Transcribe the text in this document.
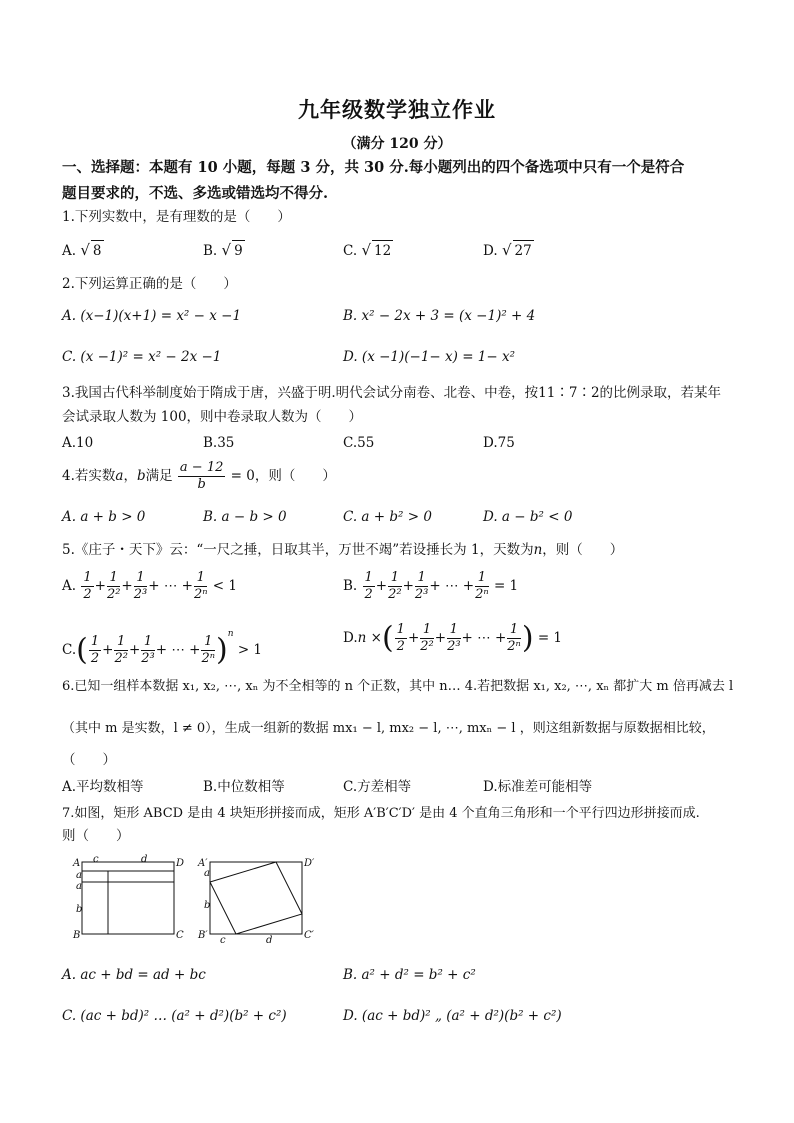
九年级数学独立作业
（满分 120 分）
一、选择题：本题有 10 小题，每题 3 分，共 30 分.每小题列出的四个备选项中只有一个是符合
题目要求的，不选、多选或错选均不得分.
1.下列实数中，是有理数的是（　　）
A. √ 8	B. √ 9	C. √ 12	D. √ 27
2.下列运算正确的是（　　）
A. (x−1)(x+1) = x² − x −1	B. x² − 2x + 3 = (x −1)² + 4
C. (x −1)² = x² − 2x −1	D. (x −1)(−1− x) = 1− x²
3.我国古代科举制度始于隋成于唐，兴盛于明.明代会试分南卷、北卷、中卷，按11∶7∶2的比例录取，若某年
会试录取人数为 100，则中卷录取人数为（　　）
A.10	B.35	C.55	D.75
4.若实数a，b满足 $\frac{a - 12}{b} = 0$，则（　　）
A. a + b > 0	B. a − b > 0	C. a + b² > 0	D. a − b² < 0
5.《庄子・天下》云：“一尺之捶，日取其半，万世不竭”若设捶长为 1，天数为n，则（　　）
A. $\frac{1}{2} + \frac{1}{\text{2²}} + \frac{1}{\text{2³}}$ + ⋯ + $\frac{1}{\text{2ⁿ}} < 1$	B. $\frac{1}{2} + \frac{1}{\text{2²}} + \frac{1}{\text{2³}}$ + ⋯ + $\frac{1}{\text{2ⁿ}} = 1$
$C.( \frac{1}{2} + \frac{1}{\text{2²}} + \frac{1}{\text{2³}}$ + ⋯ + $\frac{1}{\text{2ⁿ}} )^n > 1$
D.n ×( $\frac{1}{2} + \frac{1}{\text{2²}} + \frac{1}{\text{2³}}$ + ⋯ + $\frac{1}{\text{2ⁿ}}$ ) = 1
6.已知一组样本数据 x₁, x₂, ⋯, xₙ 为不全相等的 n 个正数，其中 n… 4.若把数据 x₁, x₂, ⋯, xₙ 都扩大 m 倍再减去 l
（其中 m 是实数，l ≠ 0），生成一组新的数据 mx₁ − l, mx₂ − l, ⋯, mxₙ − l ，则这组新数据与原数据相比较，
（　　）
A.平均数相等	B.中位数相等	C.方差相等	D.标准差可能相等
7.如图，矩形 ABCD 是由 4 块矩形拼接而成，矩形 A′B′C′D′ 是由 4 个直角三角形和一个平行四边形拼接而成.
则（　　）
A
B	C
D
a
a
b
c	d	A′
B′	C′
D′
a
b
c	d
A. ac + bd = ad + bc	B. a² + d² = b² + c²
C. (ac + bd)² … (a² + d²)(b² + c²)	D. (ac + bd)² „ (a² + d²)(b² + c²)
